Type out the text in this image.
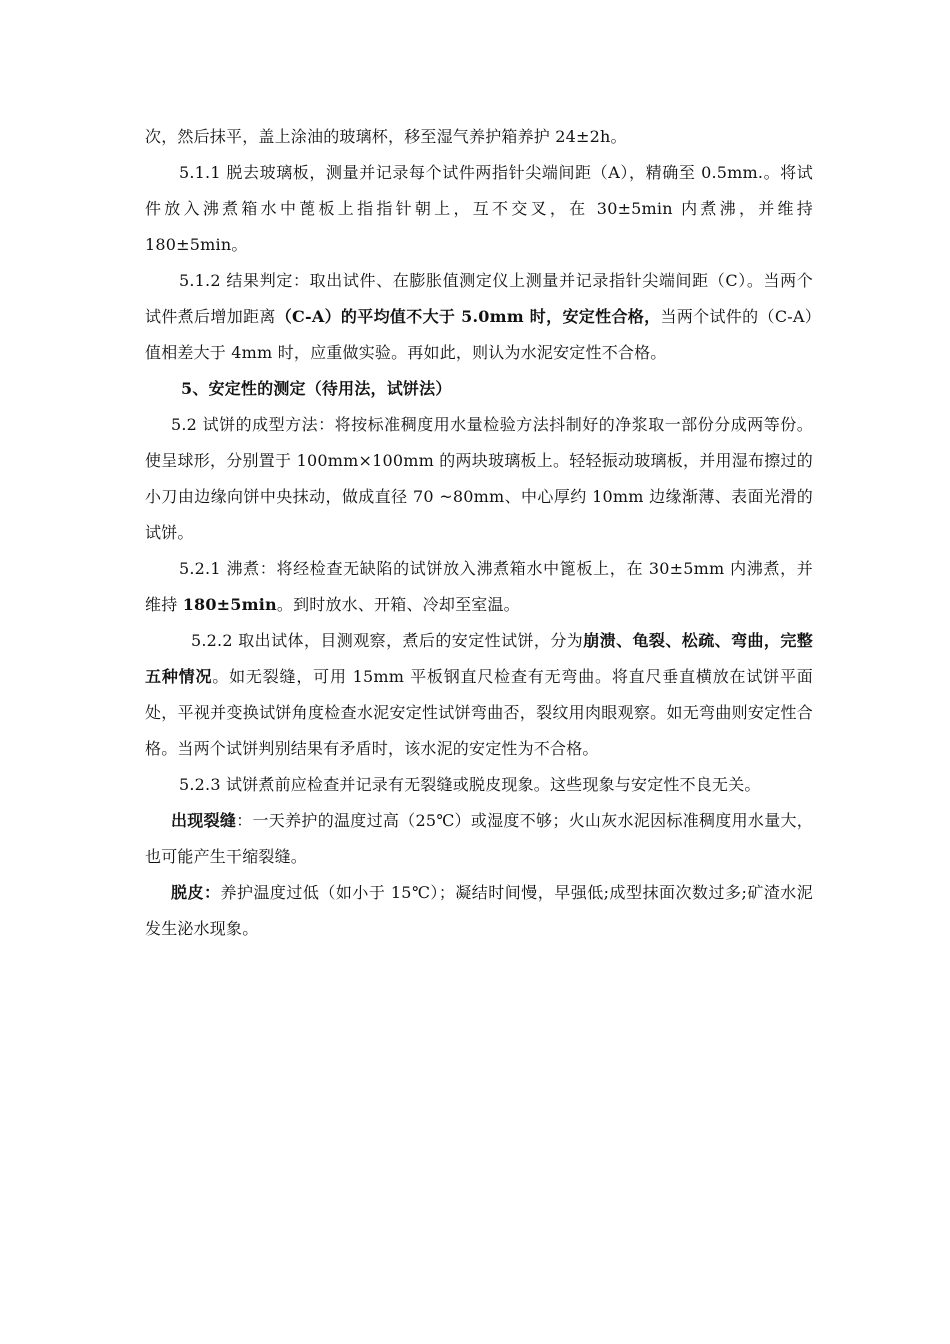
次，然后抹平，盖上涂油的玻璃杯，移至湿气养护箱养护 24±2h。

5.1.1 脱去玻璃板，测量并记录每个试件两指针尖端间距（A），精确至 0.5mm.。将试件放入沸煮箱水中蓖板上指指针朝上，互不交叉，在 30±5min 内煮沸，并维持 180±5min。

5.1.2 结果判定：取出试件、在膨胀值测定仪上测量并记录指针尖端间距（C）。当两个试件煮后增加距离（C-A）的平均值不大于 5.0mm 时，安定性合格，当两个试件的（C-A）值相差大于 4mm 时，应重做实验。再如此，则认为水泥安定性不合格。

5、安定性的测定（待用法，试饼法）

5.2 试饼的成型方法：将按标准稠度用水量检验方法抖制好的净浆取一部份分成两等份。使呈球形，分别置于 100mm×100mm 的两块玻璃板上。轻轻振动玻璃板，并用湿布擦过的小刀由边缘向饼中央抹动，做成直径 70 ~80mm、中心厚约 10mm 边缘渐薄、表面光滑的试饼。

5.2.1 沸煮：将经检查无缺陷的试饼放入沸煮箱水中篦板上，在 30±5mm 内沸煮，并维持 180±5min。到时放水、开箱、冷却至室温。

5.2.2 取出试体，目测观察，煮后的安定性试饼，分为崩溃、龟裂、松疏、弯曲，完整五种情况。如无裂缝，可用 15mm 平板钢直尺检查有无弯曲。将直尺垂直横放在试饼平面处，平视并变换试饼角度检查水泥安定性试饼弯曲否，裂纹用肉眼观察。如无弯曲则安定性合格。当两个试饼判别结果有矛盾时，该水泥的安定性为不合格。

5.2.3 试饼煮前应检查并记录有无裂缝或脱皮现象。这些现象与安定性不良无关。

出现裂缝：一天养护的温度过高（25℃）或湿度不够；火山灰水泥因标准稠度用水量大，也可能产生干缩裂缝。

脱皮：养护温度过低（如小于 15℃）；凝结时间慢，早强低;成型抹面次数过多;矿渣水泥发生泌水现象。
